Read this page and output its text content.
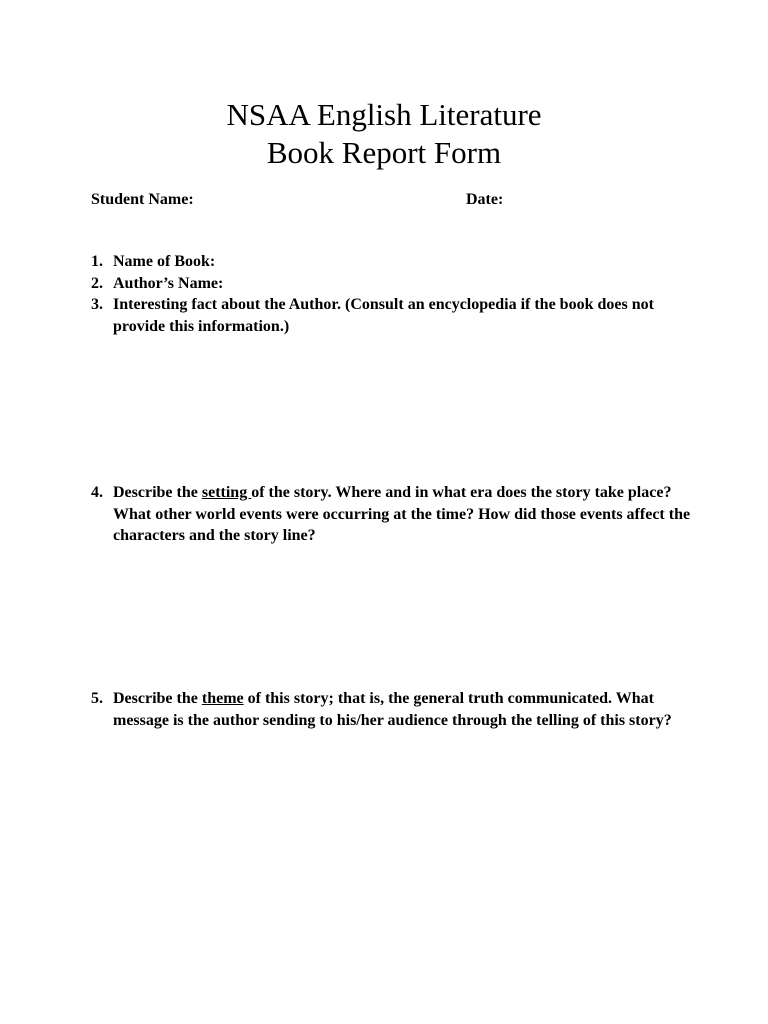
NSAA English Literature
Book Report Form
Student Name:	Date:
1. Name of Book:
2. Author’s Name:
3. Interesting fact about the Author. (Consult an encyclopedia if the book does not provide this information.)
4. Describe the setting of the story. Where and in what era does the story take place? What other world events were occurring at the time? How did those events affect the characters and the story line?
5. Describe the theme of this story; that is, the general truth communicated. What message is the author sending to his/her audience through the telling of this story?
